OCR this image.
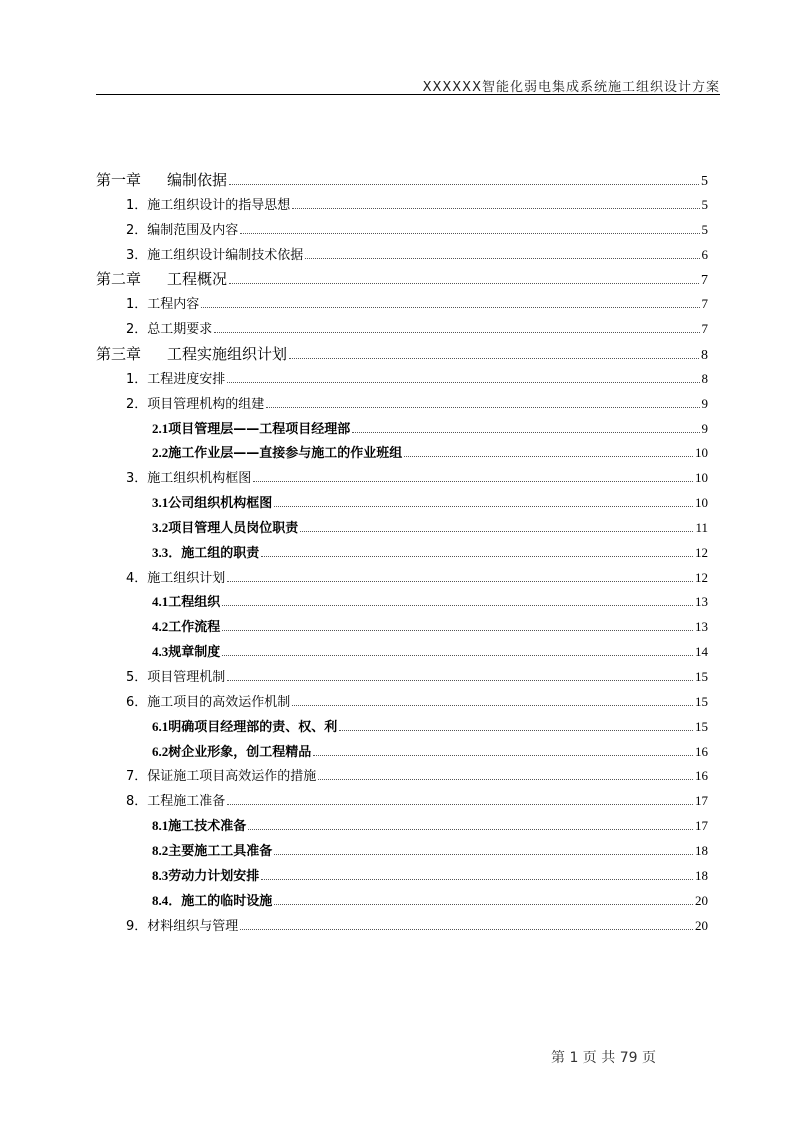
XXXXXX智能化弱电集成系统施工组织设计方案
第一章 编制依据	5
1．施工组织设计的指导思想	5
2．编制范围及内容	5
3．施工组织设计编制技术依据	6
第二章 工程概况	7
1．工程内容	7
2．总工期要求	7
第三章 工程实施组织计划	8
1．工程进度安排	8
2．项目管理机构的组建	9
2.1项目管理层——工程项目经理部	9
2.2施工作业层——直接参与施工的作业班组	10
3．施工组织机构框图	10
3.1公司组织机构框图	10
3.2项目管理人员岗位职责	11
3.3．施工组的职责	12
4．施工组织计划	12
4.1工程组织	13
4.2工作流程	13
4.3规章制度	14
5．项目管理机制	15
6．施工项目的高效运作机制	15
6.1明确项目经理部的责、权、利	15
6.2树企业形象，创工程精品	16
7．保证施工项目高效运作的措施	16
8．工程施工准备	17
8.1施工技术准备	17
8.2主要施工工具准备	18
8.3劳动力计划安排	18
8.4．施工的临时设施	20
9．材料组织与管理	20
第 1 页 共 79 页
